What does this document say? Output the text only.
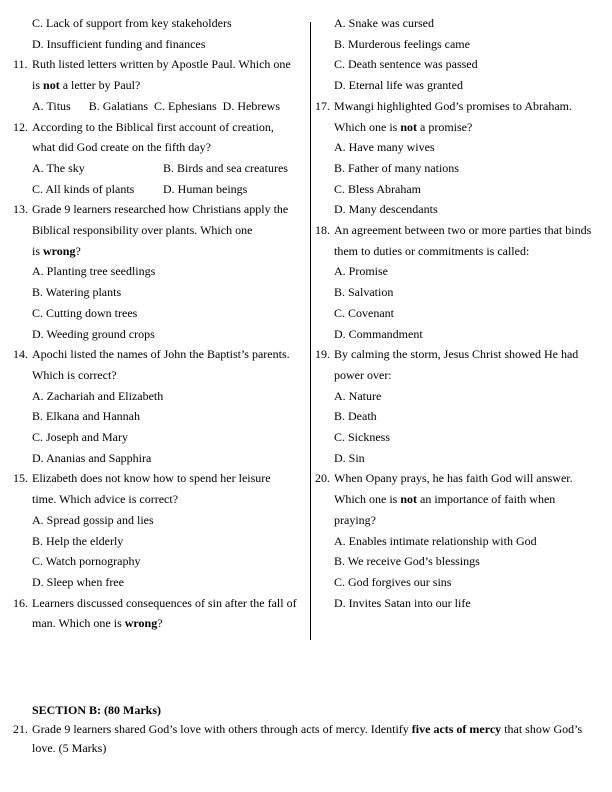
C. Lack of support from key stakeholders
D. Insufficient funding and finances
11. Ruth listed letters written by Apostle Paul. Which one
is not a letter by Paul?
A. Titus      B. Galatians  C. Ephesians  D. Hebrews
12. According to the Biblical first account of creation,
what did God create on the fifth day?
A. The sky	B. Birds and sea creatures
C. All kinds of plants D. Human beings
13. Grade 9 learners researched how Christians apply the
Biblical responsibility over plants. Which one
is wrong?
A. Planting tree seedlings
B. Watering plants
C. Cutting down trees
D. Weeding ground crops
14. Apochi listed the names of John the Baptist’s parents.
Which is correct?
A. Zachariah and Elizabeth
B. Elkana and Hannah
C. Joseph and Mary
D. Ananias and Sapphira
15. Elizabeth does not know how to spend her leisure
time. Which advice is correct?
A. Spread gossip and lies
B. Help the elderly
C. Watch pornography
D. Sleep when free
16. Learners discussed consequences of sin after the fall of
man. Which one is wrong?
A. Snake was cursed
B. Murderous feelings came
C. Death sentence was passed
D. Eternal life was granted
17. Mwangi highlighted God’s promises to Abraham.
Which one is not a promise?
A. Have many wives
B. Father of many nations
C. Bless Abraham
D. Many descendants
18. An agreement between two or more parties that binds
them to duties or commitments is called:
A. Promise
B. Salvation
C. Covenant
D. Commandment
19. By calming the storm, Jesus Christ showed He had
power over:
A. Nature
B. Death
C. Sickness
D. Sin
20. When Opany prays, he has faith God will answer.
Which one is not an importance of faith when
praying?
A. Enables intimate relationship with God
B. We receive God’s blessings
C. God forgives our sins
D. Invites Satan into our life
SECTION B: (80 Marks)
21. Grade 9 learners shared God’s love with others through acts of mercy. Identify five acts of mercy that show God’s
love. (5 Marks)
